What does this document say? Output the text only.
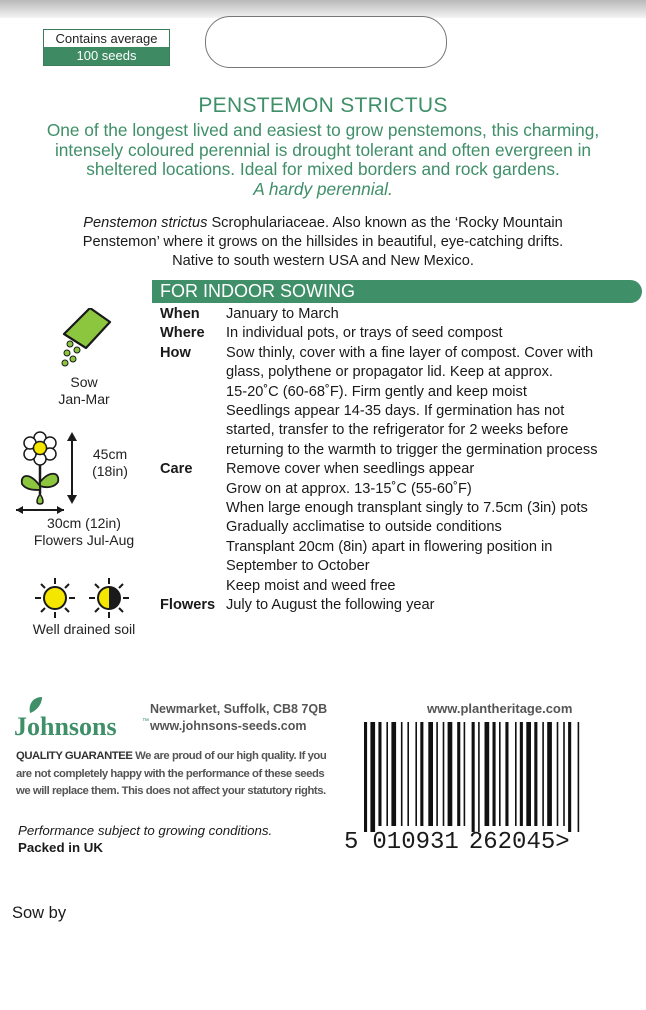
Contains average
100 seeds
PENSTEMON STRICTUS
One of the longest lived and easiest to grow penstemons, this charming,
intensely coloured perennial is drought tolerant and often evergreen in
sheltered locations. Ideal for mixed borders and rock gardens.
A hardy perennial.
Penstemon strictus Scrophulariaceae. Also known as the ‘Rocky Mountain
Penstemon’ where it grows on the hillsides in beautiful, eye-catching drifts.
Native to south western USA and New Mexico.
FOR INDOOR SOWING
When	January to March
Where	In individual pots, or trays of seed compost
How	Sow thinly, cover with a fine layer of compost. Cover with
	glass, polythene or propagator lid. Keep at approx.
	15-20˚C (60-68˚F). Firm gently and keep moist
	Seedlings appear 14-35 days. If germination has not
	started, transfer to the refrigerator for 2 weeks before
	returning to the warmth to trigger the germination process
Care	Remove cover when seedlings appear
	Grow on at approx. 13-15˚C (55-60˚F)
	When large enough transplant singly to 7.5cm (3in) pots
	Gradually acclimatise to outside conditions
	Transplant 20cm (8in) apart in flowering position in
	September to October
	Keep moist and weed free
Flowers	July to August the following year
Sow
Jan-Mar
45cm
(18in)
30cm (12in)
Flowers Jul-Aug
Well drained soil
Johnsons	™
Newmarket, Suffolk, CB8 7QB
www.johnsons-seeds.com
www.plantheritage.com
QUALITY GUARANTEE We are proud of our high quality. If you
are not completely happy with the performance of these seeds
we will replace them. This does not affect your statutory rights.
Performance subject to growing conditions.
Packed in UK	5 010931 262045>
Sow by
